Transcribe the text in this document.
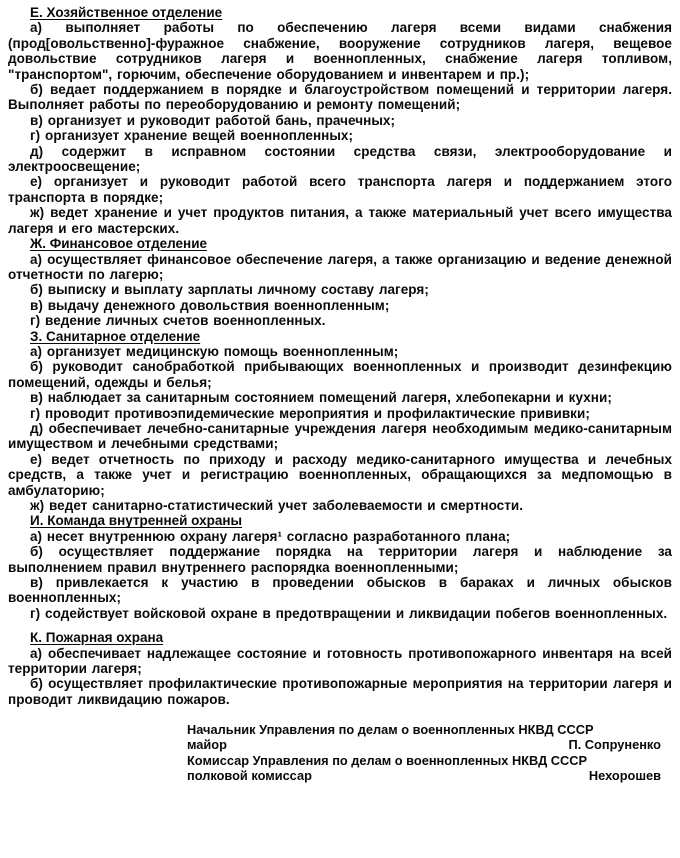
Е. Хозяйственное отделение
а) выполняет работы по обеспечению лагеря всеми видами снабжения (прод[овольственно]-фуражное снабжение, вооружение сотрудников лагеря, вещевое довольствие сотрудников лагеря и военнопленных, снабжение лагеря топливом, "транспортом", горючим, обеспечение оборудованием и инвентарем и пр.);
б) ведает поддержанием в порядке и благоустройством помещений и территории лагеря. Выполняет работы по переоборудованию и ремонту помещений;
в) организует и руководит работой бань, прачечных;
г) организует хранение вещей военнопленных;
д) содержит в исправном состоянии средства связи, электрооборудование и электроосвещение;
е) организует и руководит работой всего транспорта лагеря и поддержанием этого транспорта в порядке;
ж) ведет хранение и учет продуктов питания, а также материальный учет всего имущества лагеря и его мастерских.
Ж. Финансовое отделение
а) осуществляет финансовое обеспечение лагеря, а также организацию и ведение денежной отчетности по лагерю;
б) выписку и выплату зарплаты личному составу лагеря;
в) выдачу денежного довольствия военнопленным;
г) ведение личных счетов военнопленных.
З. Санитарное отделение
а) организует медицинскую помощь военнопленным;
б) руководит санобработкой прибывающих военнопленных и производит дезинфекцию помещений, одежды и белья;
в) наблюдает за санитарным состоянием помещений лагеря, хлебопекарни и кухни;
г) проводит противоэпидемические мероприятия и профилактические прививки;
д) обеспечивает лечебно-санитарные учреждения лагеря необходимым медико-санитарным имуществом и лечебными средствами;
е) ведет отчетность по приходу и расходу медико-санитарного имущества и лечебных средств, а также учет и регистрацию военнопленных, обращающихся за медпомощью в амбулаторию;
ж) ведет санитарно-статистический учет заболеваемости и смертности.
И. Команда внутренней охраны
а) несет внутреннюю охрану лагеря¹ согласно разработанного плана;
б) осуществляет поддержание порядка на территории лагеря и наблюдение за выполнением правил внутреннего распорядка военнопленными;
в) привлекается к участию в проведении обысков в бараках и личных обысков военнопленных;
г) содействует войсковой охране в предотвращении и ликвидации побегов военнопленных.
К. Пожарная охрана
а) обеспечивает надлежащее состояние и готовность противопожарного инвентаря на всей территории лагеря;
б) осуществляет профилактические противопожарные мероприятия на территории лагеря и проводит ликвидацию пожаров.
Начальник Управления по делам о военнопленных НКВД СССР
майор	П. Сопруненко
Комиссар Управления по делам о военнопленных НКВД СССР
полковой комиссар	Нехорошев
